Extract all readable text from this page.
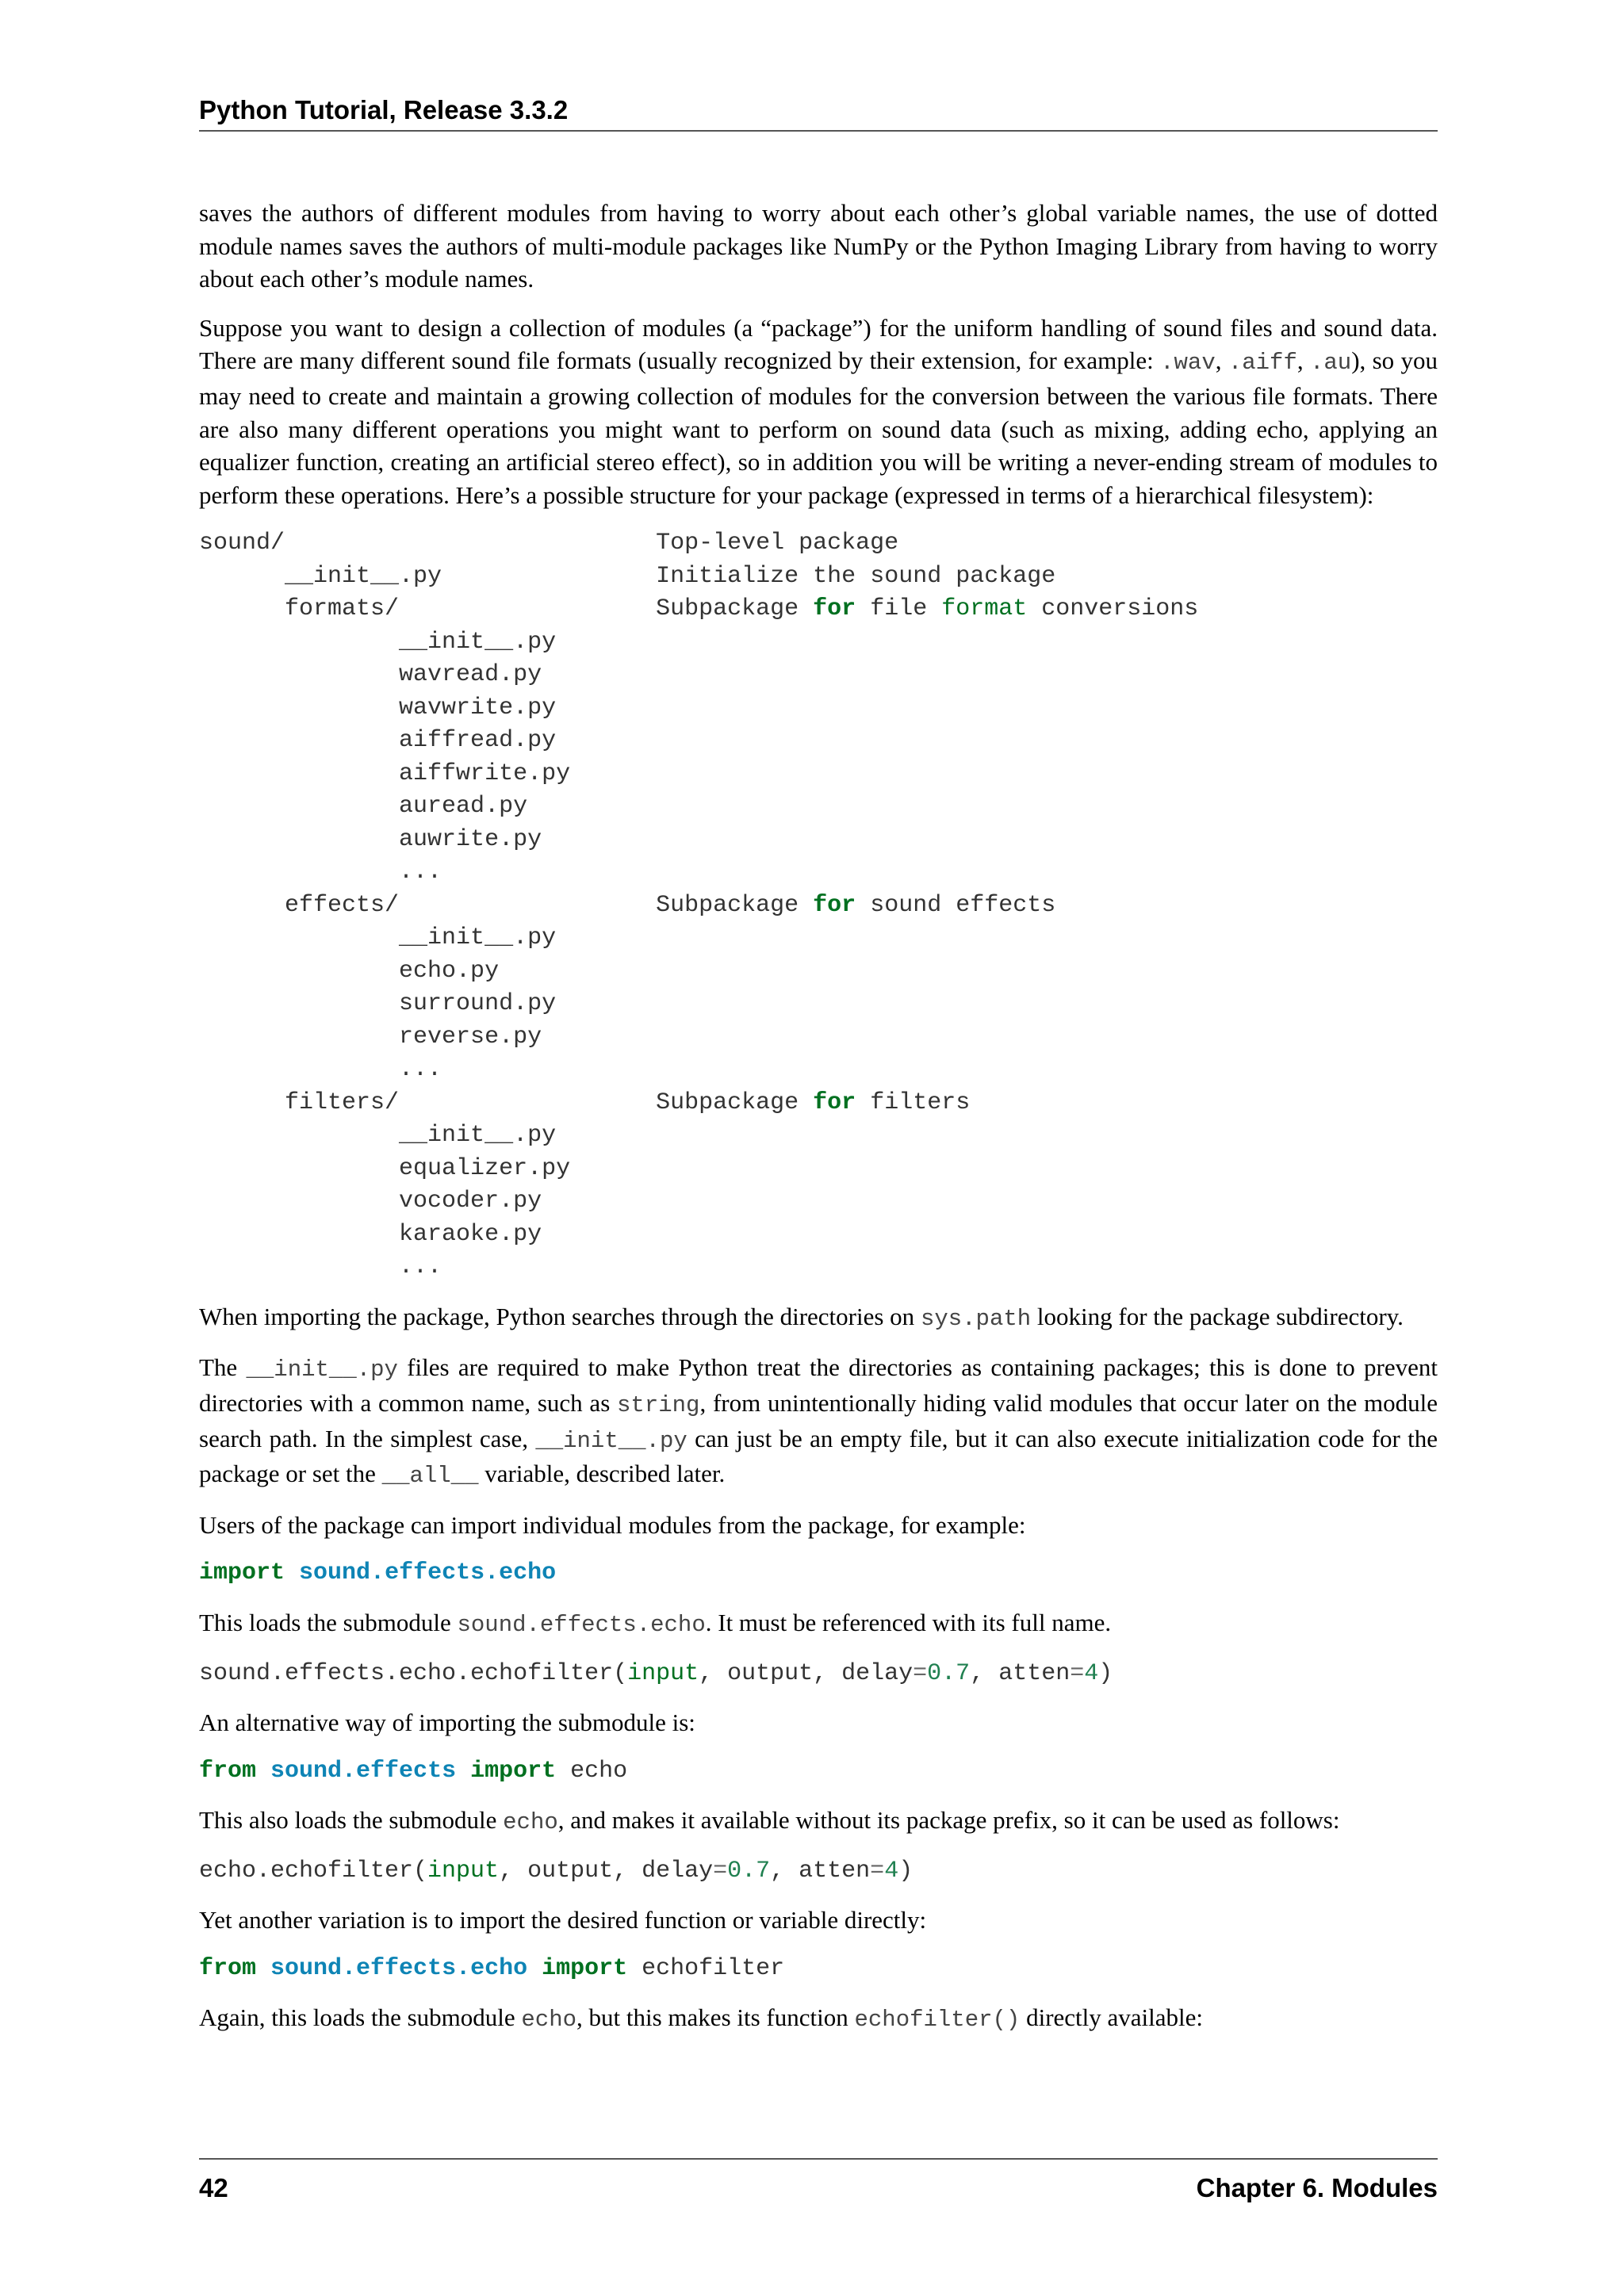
Python Tutorial, Release 3.3.2

saves the authors of different modules from having to worry about each other’s global variable names, the use of dotted module names saves the authors of multi-module packages like NumPy or the Python Imaging Library from having to worry about each other’s module names.

Suppose you want to design a collection of modules (a “package”) for the uniform handling of sound files and sound data. There are many different sound file formats (usually recognized by their extension, for example: .wav, .aiff, .au), so you may need to create and maintain a growing collection of modules for the conversion between the various file formats. There are also many different operations you might want to perform on sound data (such as mixing, adding echo, applying an equalizer function, creating an artificial stereo effect), so in addition you will be writing a never-ending stream of modules to perform these operations. Here’s a possible structure for your package (expressed in terms of a hierarchical filesystem):

sound/	Top-level package
__init__.py	Initialize the sound package
formats/	Subpackage for file format conversions
__init__.py
wavread.py
wavwrite.py
aiffread.py
aiffwrite.py
auread.py
auwrite.py
...
effects/	Subpackage for sound effects
__init__.py
echo.py
surround.py
reverse.py
...
filters/	Subpackage for filters
__init__.py
equalizer.py
vocoder.py
karaoke.py
...

When importing the package, Python searches through the directories on sys.path looking for the package subdirectory.

The __init__.py files are required to make Python treat the directories as containing packages; this is done to prevent directories with a common name, such as string, from unintentionally hiding valid modules that occur later on the module search path. In the simplest case, __init__.py can just be an empty file, but it can also execute initialization code for the package or set the __all__ variable, described later.

Users of the package can import individual modules from the package, for example:

import sound.effects.echo

This loads the submodule sound.effects.echo. It must be referenced with its full name.

sound.effects.echo.echofilter(input, output, delay=0.7, atten=4)

An alternative way of importing the submodule is:

from sound.effects import echo

This also loads the submodule echo, and makes it available without its package prefix, so it can be used as follows:

echo.echofilter(input, output, delay=0.7, atten=4)

Yet another variation is to import the desired function or variable directly:

from sound.effects.echo import echofilter

Again, this loads the submodule echo, but this makes its function echofilter() directly available:

42	Chapter 6. Modules
